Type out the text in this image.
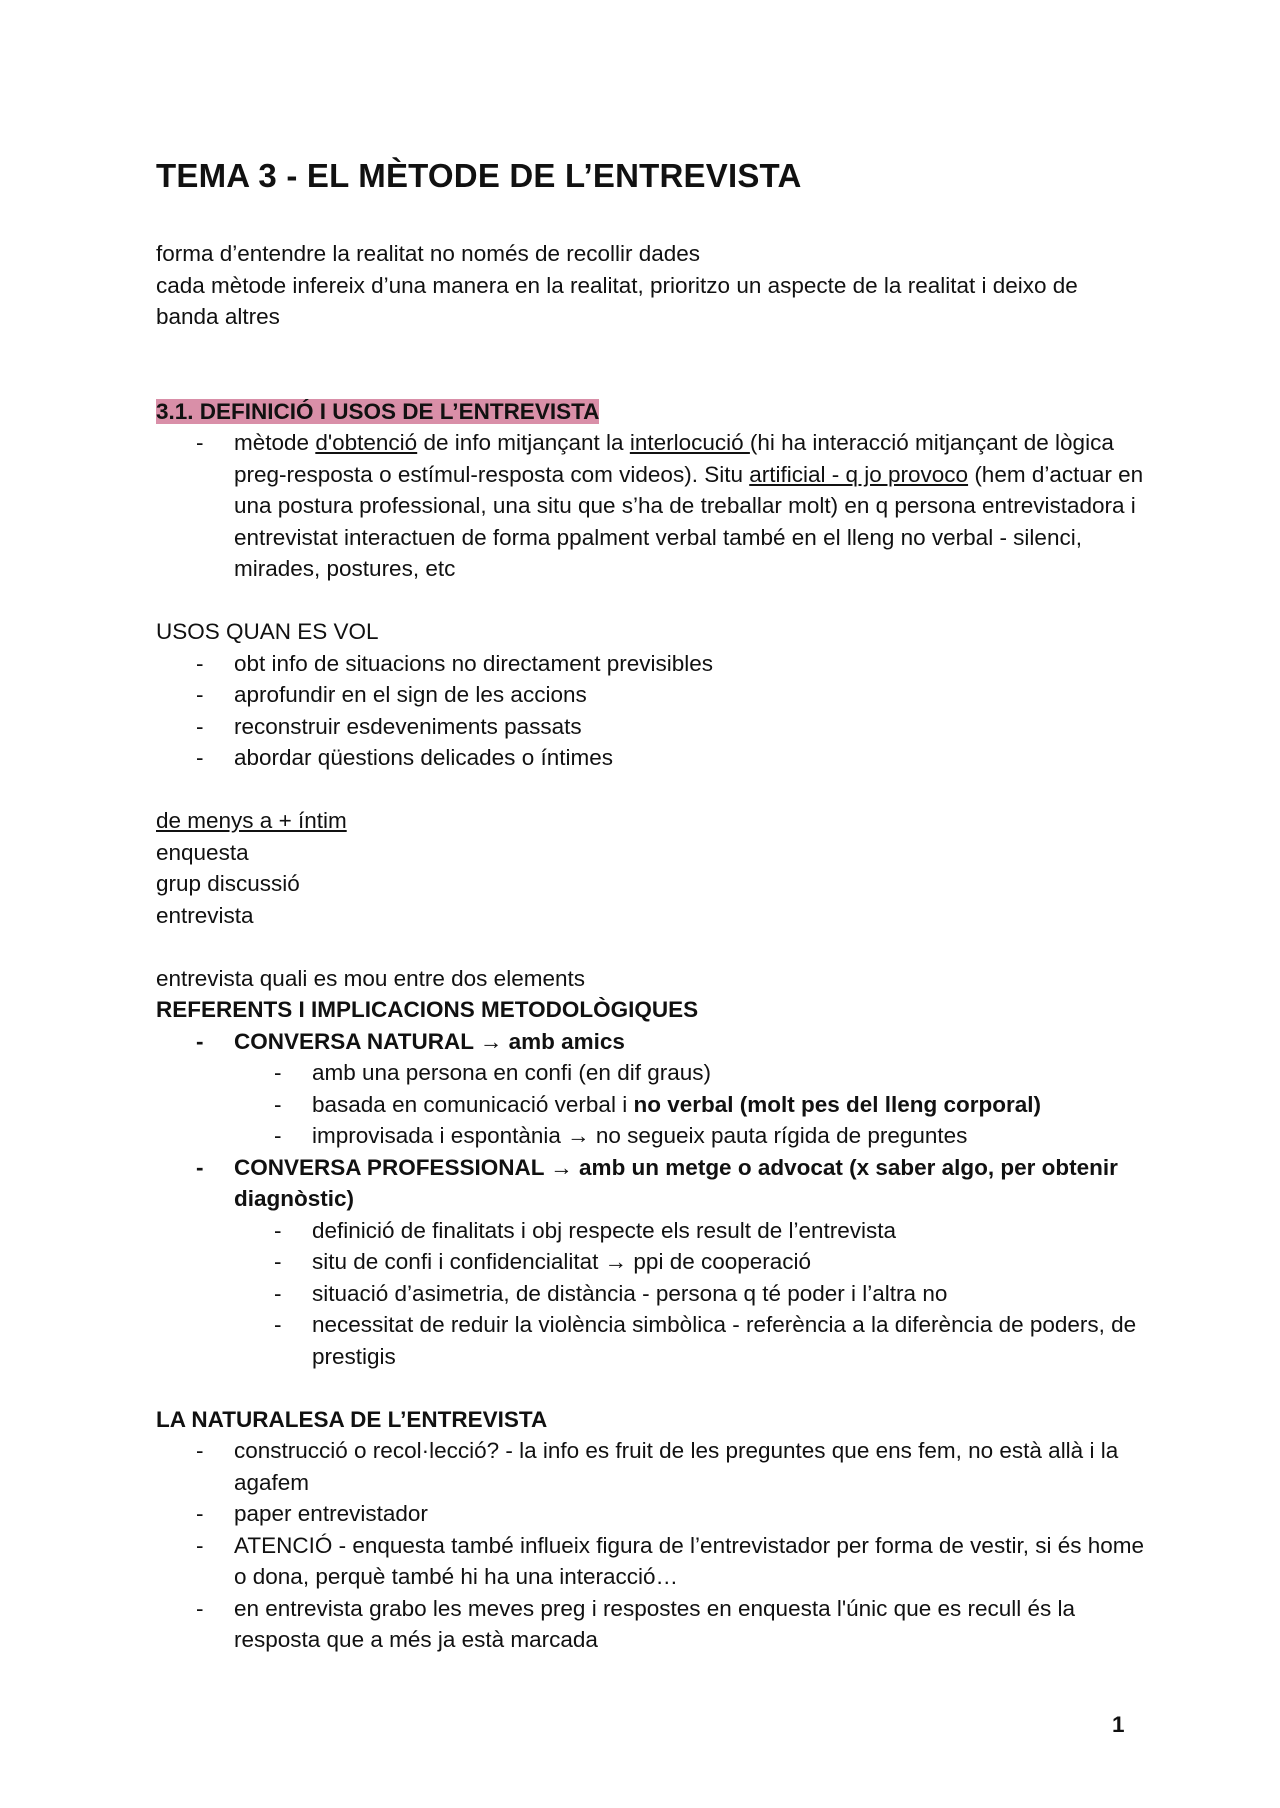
TEMA 3 - EL MÈTODE DE L’ENTREVISTA

forma d’entendre la realitat no només de recollir dades

cada mètode infereix d’una manera en la realitat, prioritzo un aspecte de la realitat i deixo de banda altres

3.1. DEFINICIÓ I USOS DE L’ENTREVISTA

- mètode d'obtenció de info mitjançant la interlocució (hi ha interacció mitjançant de lògica preg-resposta o estímul-resposta com videos). Situ artificial - q jo provoco (hem d’actuar en una postura professional, una situ que s’ha de treballar molt) en q persona entrevistadora i entrevistat interactuen de forma ppalment verbal també en el lleng no verbal - silenci, mirades, postures, etc

USOS QUAN ES VOL

- obt info de situacions no directament previsibles
- aprofundir en el sign de les accions
- reconstruir esdeveniments passats
- abordar qüestions delicades o íntimes

de menys a + íntim

enquesta

grup discussió

entrevista

entrevista quali es mou entre dos elements

REFERENTS I IMPLICACIONS METODOLÒGIQUES

- CONVERSA NATURAL → amb amics
- amb una persona en confi (en dif graus)
- basada en comunicació verbal i no verbal (molt pes del lleng corporal)
- improvisada i espontània → no segueix pauta rígida de preguntes
- CONVERSA PROFESSIONAL → amb un metge o advocat (x saber algo, per obtenir diagnòstic)
- definició de finalitats i obj respecte els result de l’entrevista
- situ de confi i confidencialitat → ppi de cooperació
- situació d’asimetria, de distància - persona q té poder i l’altra no
- necessitat de reduir la violència simbòlica - referència a la diferència de poders, de prestigis

LA NATURALESA DE L’ENTREVISTA

- construcció o recol·lecció? - la info es fruit de les preguntes que ens fem, no està allà i la agafem
- paper entrevistador
- ATENCIÓ - enquesta també influeix figura de l’entrevistador per forma de vestir, si és home o dona, perquè també hi ha una interacció…
- en entrevista grabo les meves preg i respostes en enquesta l'únic que es recull és la resposta que a més ja està marcada
1
